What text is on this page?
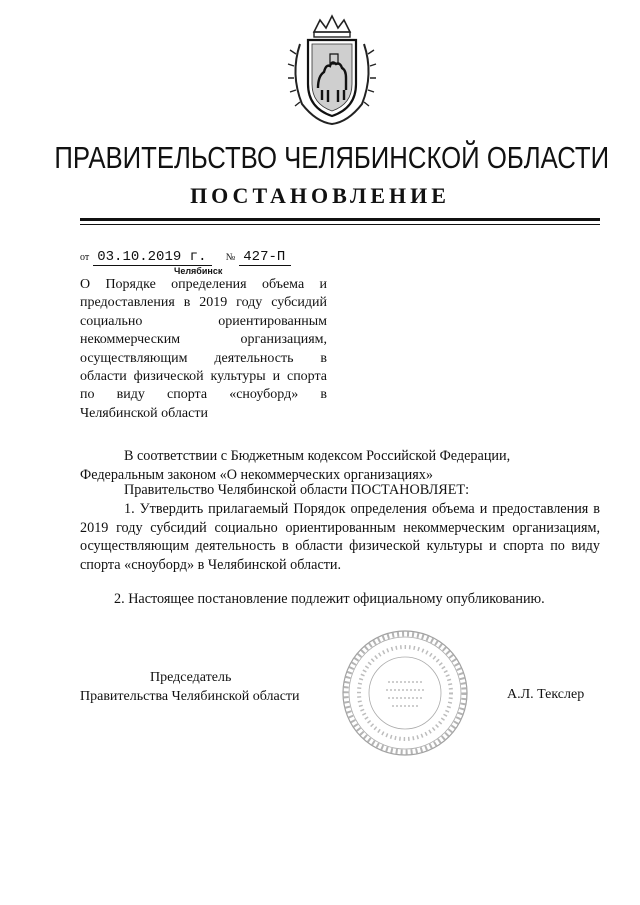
ПРАВИТЕЛЬСТВО ЧЕЛЯБИНСКОЙ ОБЛАСТИ
ПОСТАНОВЛЕНИЕ
от 03.10.2019 г. № 427-П
Челябинск
О Порядке определения объема и предоставления в 2019 году субсидий социально ориентированным некоммерческим организациям, осуществляющим деятельность в области физической культуры и спорта по виду спорта «сноуборд» в Челябинской области
В соответствии с Бюджетным кодексом Российской Федерации,
Федеральным законом «О некоммерческих организациях»
Правительство Челябинской области ПОСТАНОВЛЯЕТ:
1. Утвердить прилагаемый Порядок определения объема и предоставления в 2019 году субсидий социально ориентированным некоммерческим организациям, осуществляющим деятельность в области физической культуры и спорта по виду спорта «сноуборд» в Челябинской области.
2. Настоящее постановление подлежит официальному опубликованию.
Председатель
Правительства Челябинской области	А.Л. Текслер
